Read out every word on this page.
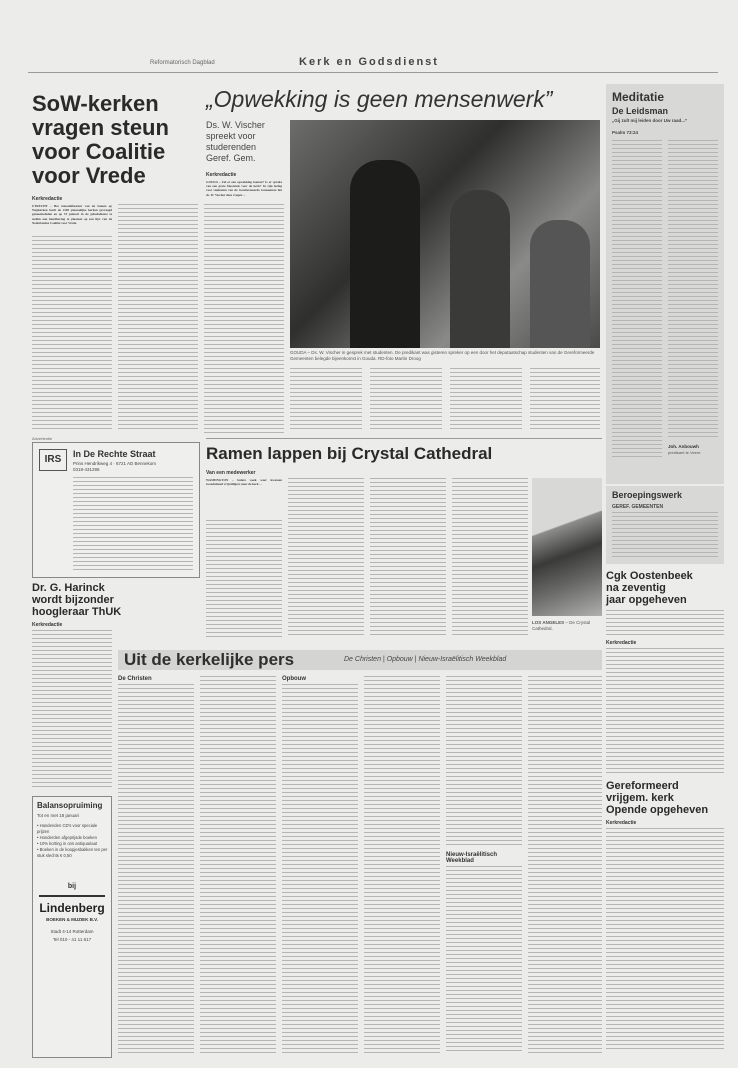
Reformatorisch Dagblad	Kerk en Godsdienst
SoW-kerken
vragen steun
voor Coalitie
voor Vrede
Kerkredactie
UTRECHT – Het remodelbestuur van de Samen op Wegkerken heeft de 2300 plaatselijke kerken gevraagd gemeenteleden en op 19 januari in de gebedsdienst te stellen aan handhaving te plaatsen op een lijst van de Nederlandse Coalitie voor Vrede.
„Opwekking is geen mensenwerk”
Ds. W. Vischer spreekt voor studerenden Geref. Gem.
Kerkredactie
GOUDA – Zal er een opwekking komen? Is er sprake van een grote blootstuk voor de kerk? In zijn lezing voor studenten van de Gereformeerde Gemeenten liet ds. W. Vischer deze vragen ...
GOUDA – Ds. W. Vischer in gesprek met studenten. De predikant was gisteren spreker op een door het deputaatschap studenten van de Gereformeerde Gemeenten belegde bijeenkomst in Gouda. RD-foto Martin Droog
Meditatie
De Leidsman
„Gij zult mij leiden door Uw raad...”
Psalm 73:24
Joh. Anbouwh
predikant te Veere
Ramen lappen bij Crystal Cathedral
Van een medewerker
WASHINGTON – Iedere week weer kwamen tweeduizend vrijwilligers naar de kerk ...
LOS ANGELES – De Crystal Cathedral.
Beroepingswerk
GEREF. GEMEENTEN
Cgk Oostenbeek
na zeventig
jaar opgeheven
Kerkredactie
Gereformeerd
vrijgem. kerk
Opende opgeheven
Kerkredactie
Advertentie
IRS	In De Rechte Straat
Prins Hendrikweg 4 · 6721 AD Bennekom
0318-431298
Dr. G. Harinck
wordt bijzonder
hoogleraar ThUK
Kerkredactie
Uit de kerkelijke pers	De Christen | Opbouw | Nieuw-Israëlitisch Weekblad
De Christen	Opbouw
Nieuw-Israëlitisch Weekblad
Balansopruiming
Tot en met 18 januari
• Handenden CD's voor speciale prijzen
• Honderden afgeprijsde boeken
• 10% korting in ons antiquariaat
• Boeken in de koopjesbakken ten per stuk slechts € 0,50
bij
Lindenberg
BOEKEN & MUZIEK B.V.
Stadt 4-14 Rotterdam
Tel 010 - 41 11 617
